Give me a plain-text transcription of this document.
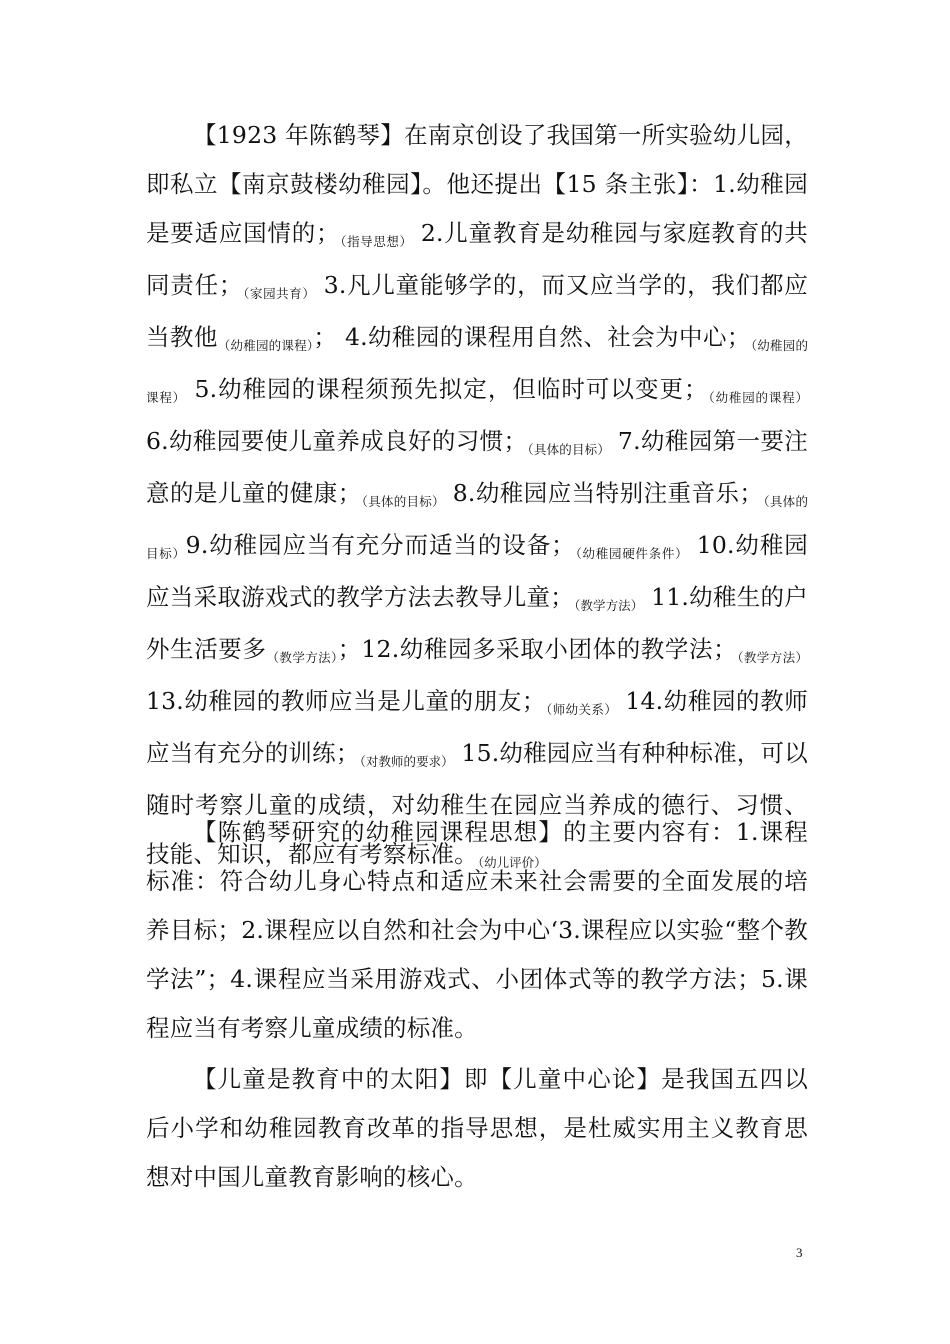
【1923 年陈鹤琴】在南京创设了我国第一所实验幼儿园，即私立【南京鼓楼幼稚园】。他还提出【15 条主张】：1.幼稚园是要适应国情的；$_{(指导思想)}$ 2.儿童教育是幼稚园与家庭教育的共同责任；$_{(家园共育)}$ 3.凡儿童能够学的，而又应当学的，我们都应当教他$_{(幼稚园的课程)}$； 4.幼稚园的课程用自然、社会为中心；$_{(幼稚园的课程)}$ 5.幼稚园的课程须预先拟定，但临时可以变更；$_{(幼稚园的课程)}$ 6.幼稚园要使儿童养成良好的习惯；$_{(具体的目标)}$ 7.幼稚园第一要注意的是儿童的健康；$_{(具体的目标)}$ 8.幼稚园应当特别注重音乐；$_{(具体的目标)}$9.幼稚园应当有充分而适当的设备；$_{(幼稚园硬件条件)}$ 10.幼稚园应当采取游戏式的教学方法去教导儿童；$_{(教学方法)}$ 11.幼稚生的户外生活要多$_{(教学方法)}$；12.幼稚园多采取小团体的教学法；$_{(教学方法)}$ 13.幼稚园的教师应当是儿童的朋友；$_{(师幼关系)}$ 14.幼稚园的教师应当有充分的训练；$_{(对教师的要求)}$ 15.幼稚园应当有种种标准，可以随时考察儿童的成绩，对幼稚生在园应当养成的德行、习惯、技能、知识，都应有考察标准。$_{(幼儿评价)}$

【陈鹤琴研究的幼稚园课程思想】的主要内容有：1.课程标准：符合幼儿身心特点和适应未来社会需要的全面发展的培养目标；2.课程应以自然和社会为中心‘3.课程应以实验“整个教学法”；4.课程应当采用游戏式、小团体式等的教学方法；5.课程应当有考察儿童成绩的标准。

【儿童是教育中的太阳】即【儿童中心论】是我国五四以后小学和幼稚园教育改革的指导思想，是杜威实用主义教育思想对中国儿童教育影响的核心。

3
